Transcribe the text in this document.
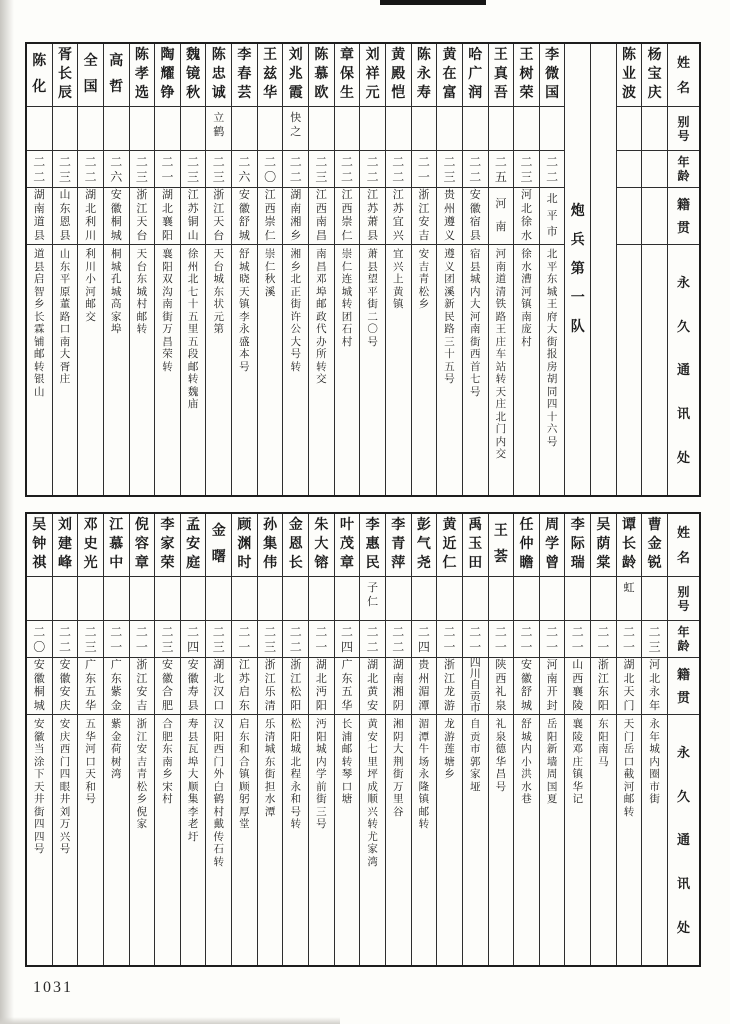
姓
名
别
号
年
龄
籍
贯
永
久
通
讯
处
杨
宝
庆
陈
业
波
炮
兵
第
一
队
李
微
国
二
二
北
平
市
北
平
东
城
王
府
大
街
报
房
胡
同
四
十
六
号
王
树
荣
二
三
河
北
徐
水
徐
水
漕
河
镇
南
庞
村
王
真
吾
二
五
河
南
河
南
道
清
铁
路
王
庄
车
站
转
天
庄
北
门
内
交
哈
广
润
二
二
安
徽
宿
县
宿
县
城
内
大
河
南
街
西
首
七
号
黄
在
富
二
三
贵
州
遵
义
遵
义
团
溪
新
民
路
三
十
五
号
陈
永
寿
二
一
浙
江
安
吉
安
吉
青
松
乡
黄
殿
恺
二
二
江
苏
宜
兴
宜
兴
上
黄
镇
刘
祥
元
二
二
江
苏
萧
县
萧
县
望
平
街
二
〇
号
章
保
生
二
二
江
西
崇
仁
崇
仁
连
城
转
团
石
村
陈
慕
欧
二
三
江
西
南
昌
南
昌
邓
埠
邮
政
代
办
所
转
交
刘
兆
霞
快
之
二
二
湖
南
湘
乡
湘
乡
北
正
街
许
公
大
号
转
王
兹
华
二
〇
江
西
崇
仁
崇
仁
秋
溪
李
春
芸
二
六
安
徽
舒
城
舒
城
晓
天
镇
李
永
盛
本
号
陈
忠
诚
立
鹤
二
三
浙
江
天
台
天
台
城
东
状
元
第
魏
镜
秋
二
三
江
苏
铜
山
徐
州
北
七
十
五
里
五
段
邮
转
魏
庙
陶
耀
铮
二
一
湖
北
襄
阳
襄
阳
双
沟
南
街
万
昌
荣
转
陈
孝
选
二
三
浙
江
天
台
天
台
东
城
村
邮
转
高
哲
二
六
安
徽
桐
城
桐
城
孔
城
高
家
埠
全
国
二
二
湖
北
利
川
利
川
小
河
邮
交
胥
长
辰
二
三
山
东
恩
县
山
东
平
原
董
路
口
南
大
胥
庄
陈
化
二
二
湖
南
道
县
道
县
启
智
乡
长
霖
铺
邮
转
银
山
姓
名
别
号
年
龄
籍
贯
永
久
通
讯
处
曹
金
锐
二
三
河
北
永
年
永
年
城
内
圈
市
街
谭
长
龄
虹
二
一
湖
北
天
门
天
门
岳
口
截
河
邮
转
吴
荫
棠
二
一
浙
江
东
阳
东
阳
南
马
李
际
瑞
二
一
山
西
襄
陵
襄
陵
邓
庄
镇
华
记
周
学
曾
二
一
河
南
开
封
岳
阳
新
墙
周
国
夏
任
仲
瞻
二
一
安
徽
舒
城
舒
城
内
小
洪
水
巷
王
荟
二
一
陕
西
礼
泉
礼
泉
德
华
昌
号
禹
玉
田
二
一
四
川
自
贡
市
自
贡
市
郭
家
垭
黄
近
仁
二
一
浙
江
龙
游
龙
游
莲
塘
乡
彭
气
尧
二
四
贵
州
湄
潭
湄
潭
牛
场
永
隆
镇
邮
转
李
青
萍
二
二
湖
南
湘
阴
湘
阴
大
荆
街
万
里
谷
李
惠
民
子
仁
二
二
湖
北
黄
安
黄
安
七
里
坪
成
顺
兴
转
尤
家
湾
叶
茂
章
二
四
广
东
五
华
长
浦
邮
转
琴
口
塘
朱
大
镕
二
一
湖
北
沔
阳
沔
阳
城
内
学
前
街
三
号
金
恩
长
二
二
浙
江
松
阳
松
阳
城
北
程
永
和
号
转
孙
集
伟
二
三
浙
江
乐
清
乐
清
城
东
街
担
水
潭
顾
渊
时
二
一
江
苏
启
东
启
东
和
合
镇
顾
躬
厚
堂
金
曙
二
三
湖
北
汉
口
汉
阳
西
门
外
白
鹤
村
戴
传
石
转
孟
安
庭
二
四
安
徽
寿
县
寿
县
瓦
埠
大
顺
集
李
老
圩
李
家
荣
二
三
安
徽
合
肥
合
肥
东
南
乡
宋
村
倪
容
章
二
一
浙
江
安
吉
浙
江
安
吉
青
松
乡
倪
家
江
慕
中
二
一
广
东
紫
金
紫
金
荷
树
湾
邓
史
光
二
三
广
东
五
华
五
华
河
口
天
和
号
刘
建
峰
二
二
安
徽
安
庆
安
庆
西
门
四
眼
井
刘
万
兴
号
吴
钟
祺
二
〇
安
徽
桐
城
安
徽
当
涂
下
天
井
街
四
四
号
1031
